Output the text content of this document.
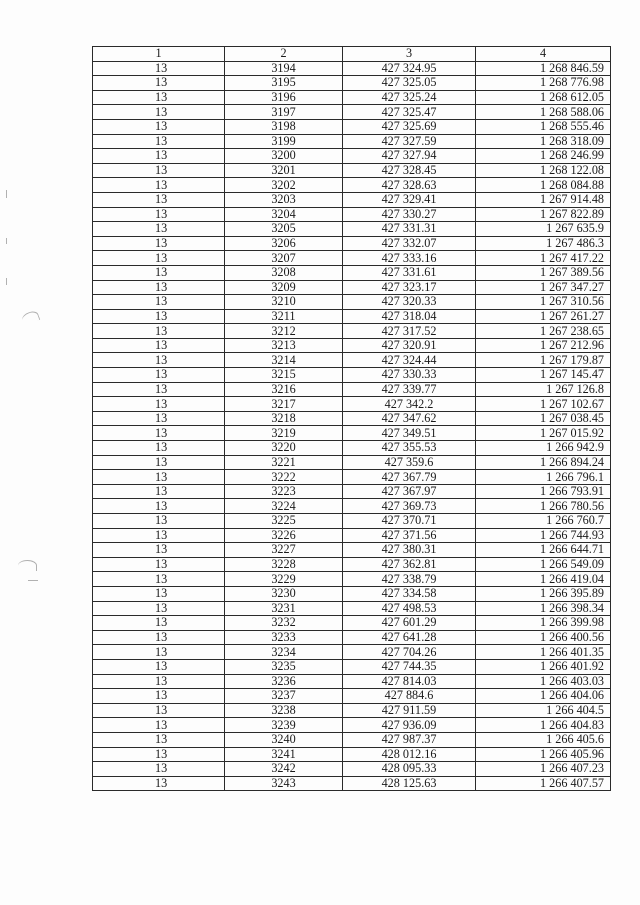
1	2	3	4
13	3194	427 324.95	1 268 846.59
13	3195	427 325.05	1 268 776.98
13	3196	427 325.24	1 268 612.05
13	3197	427 325.47	1 268 588.06
13	3198	427 325.69	1 268 555.46
13	3199	427 327.59	1 268 318.09
13	3200	427 327.94	1 268 246.99
13	3201	427 328.45	1 268 122.08
13	3202	427 328.63	1 268 084.88
13	3203	427 329.41	1 267 914.48
13	3204	427 330.27	1 267 822.89
13	3205	427 331.31	1 267 635.9
13	3206	427 332.07	1 267 486.3
13	3207	427 333.16	1 267 417.22
13	3208	427 331.61	1 267 389.56
13	3209	427 323.17	1 267 347.27
13	3210	427 320.33	1 267 310.56
13	3211	427 318.04	1 267 261.27
13	3212	427 317.52	1 267 238.65
13	3213	427 320.91	1 267 212.96
13	3214	427 324.44	1 267 179.87
13	3215	427 330.33	1 267 145.47
13	3216	427 339.77	1 267 126.8
13	3217	427 342.2	1 267 102.67
13	3218	427 347.62	1 267 038.45
13	3219	427 349.51	1 267 015.92
13	3220	427 355.53	1 266 942.9
13	3221	427 359.6	1 266 894.24
13	3222	427 367.79	1 266 796.1
13	3223	427 367.97	1 266 793.91
13	3224	427 369.73	1 266 780.56
13	3225	427 370.71	1 266 760.7
13	3226	427 371.56	1 266 744.93
13	3227	427 380.31	1 266 644.71
13	3228	427 362.81	1 266 549.09
13	3229	427 338.79	1 266 419.04
13	3230	427 334.58	1 266 395.89
13	3231	427 498.53	1 266 398.34
13	3232	427 601.29	1 266 399.98
13	3233	427 641.28	1 266 400.56
13	3234	427 704.26	1 266 401.35
13	3235	427 744.35	1 266 401.92
13	3236	427 814.03	1 266 403.03
13	3237	427 884.6	1 266 404.06
13	3238	427 911.59	1 266 404.5
13	3239	427 936.09	1 266 404.83
13	3240	427 987.37	1 266 405.6
13	3241	428 012.16	1 266 405.96
13	3242	428 095.33	1 266 407.23
13	3243	428 125.63	1 266 407.57
